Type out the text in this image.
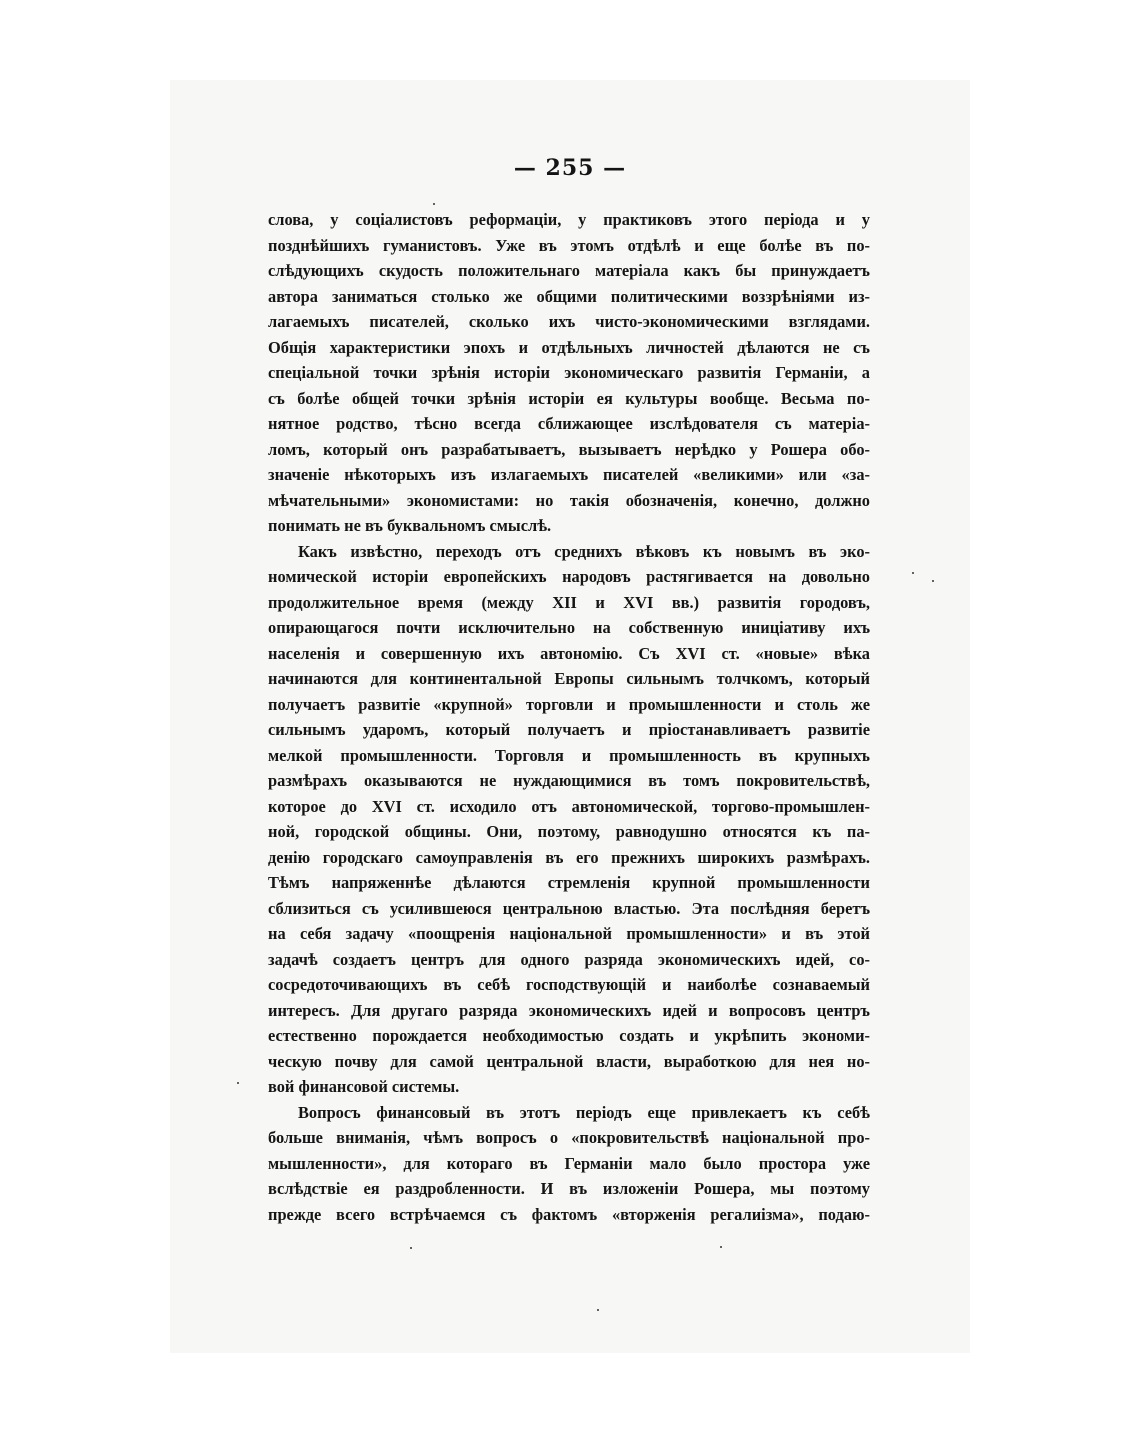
— 255 —
слова, у соціалистовъ реформаціи, у практиковъ этого періода и у
позднѣйшихъ гуманистовъ. Уже въ этомъ отдѣлѣ и еще болѣе въ по-
слѣдующихъ скудость положительнаго матеріала какъ бы принуждаетъ
автора заниматься столько же общими политическими воззрѣніями из-
лагаемыхъ писателей, сколько ихъ чисто-экономическими взглядами.
Общія характеристики эпохъ и отдѣльныхъ личностей дѣлаются не съ
спеціальной точки зрѣнія исторіи экономическаго развитія Германіи, а
съ болѣе общей точки зрѣнія исторіи ея культуры вообще. Весьма по-
нятное родство, тѣсно всегда сближающее изслѣдователя съ матеріа-
ломъ, который онъ разрабатываетъ, вызываетъ нерѣдко у Рошера обо-
значеніе нѣкоторыхъ изъ излагаемыхъ писателей «великими» или «за-
мѣчательными» экономистами: но такія обозначенія, конечно, должно
понимать не въ буквальномъ смыслѣ.
Какъ извѣстно, переходъ отъ среднихъ вѣковъ къ новымъ въ эко-
номической исторіи европейскихъ народовъ растягивается на довольно
продолжительное время (между XII и XVI вв.) развитія городовъ,
опирающагося почти исключительно на собственную иниціативу ихъ
населенія и совершенную ихъ автономію. Съ XVI ст. «новые» вѣка
начинаются для континентальной Европы сильнымъ толчкомъ, который
получаетъ развитіе «крупной» торговли и промышленности и столь же
сильнымъ ударомъ, который получаетъ и пріостанавливаетъ развитіе
мелкой промышленности. Торговля и промышленность въ крупныхъ
размѣрахъ оказываются не нуждающимися въ томъ покровительствѣ,
которое до XVI ст. исходило отъ автономической, торгово-промышлен-
ной, городской общины. Они, поэтому, равнодушно относятся къ па-
денію городскаго самоуправленія въ его прежнихъ широкихъ размѣрахъ.
Тѣмъ напряженнѣе дѣлаются стремленія крупной промышленности
сблизиться съ усилившеюся центральною властью. Эта послѣдняя беретъ
на себя задачу «поощренія національной промышленности» и въ этой
задачѣ создаетъ центръ для одного разряда экономическихъ идей, со-
сосредоточивающихъ въ себѣ господствующій и наиболѣе сознаваемый
интересъ. Для другаго разряда экономическихъ идей и вопросовъ центръ
естественно порождается необходимостью создать и укрѣпить экономи-
ческую почву для самой центральной власти, выработкою для нея но-
вой финансовой системы.
Вопросъ финансовый въ этотъ періодъ еще привлекаетъ къ себѣ
больше вниманія, чѣмъ вопросъ о «покровительствѣ національной про-
мышленности», для котораго въ Германіи мало было простора уже
вслѣдствіе ея раздробленности. И въ изложеніи Рошера, мы поэтому
прежде всего встрѣчаемся съ фактомъ «вторженія регалиізма», подаю-
